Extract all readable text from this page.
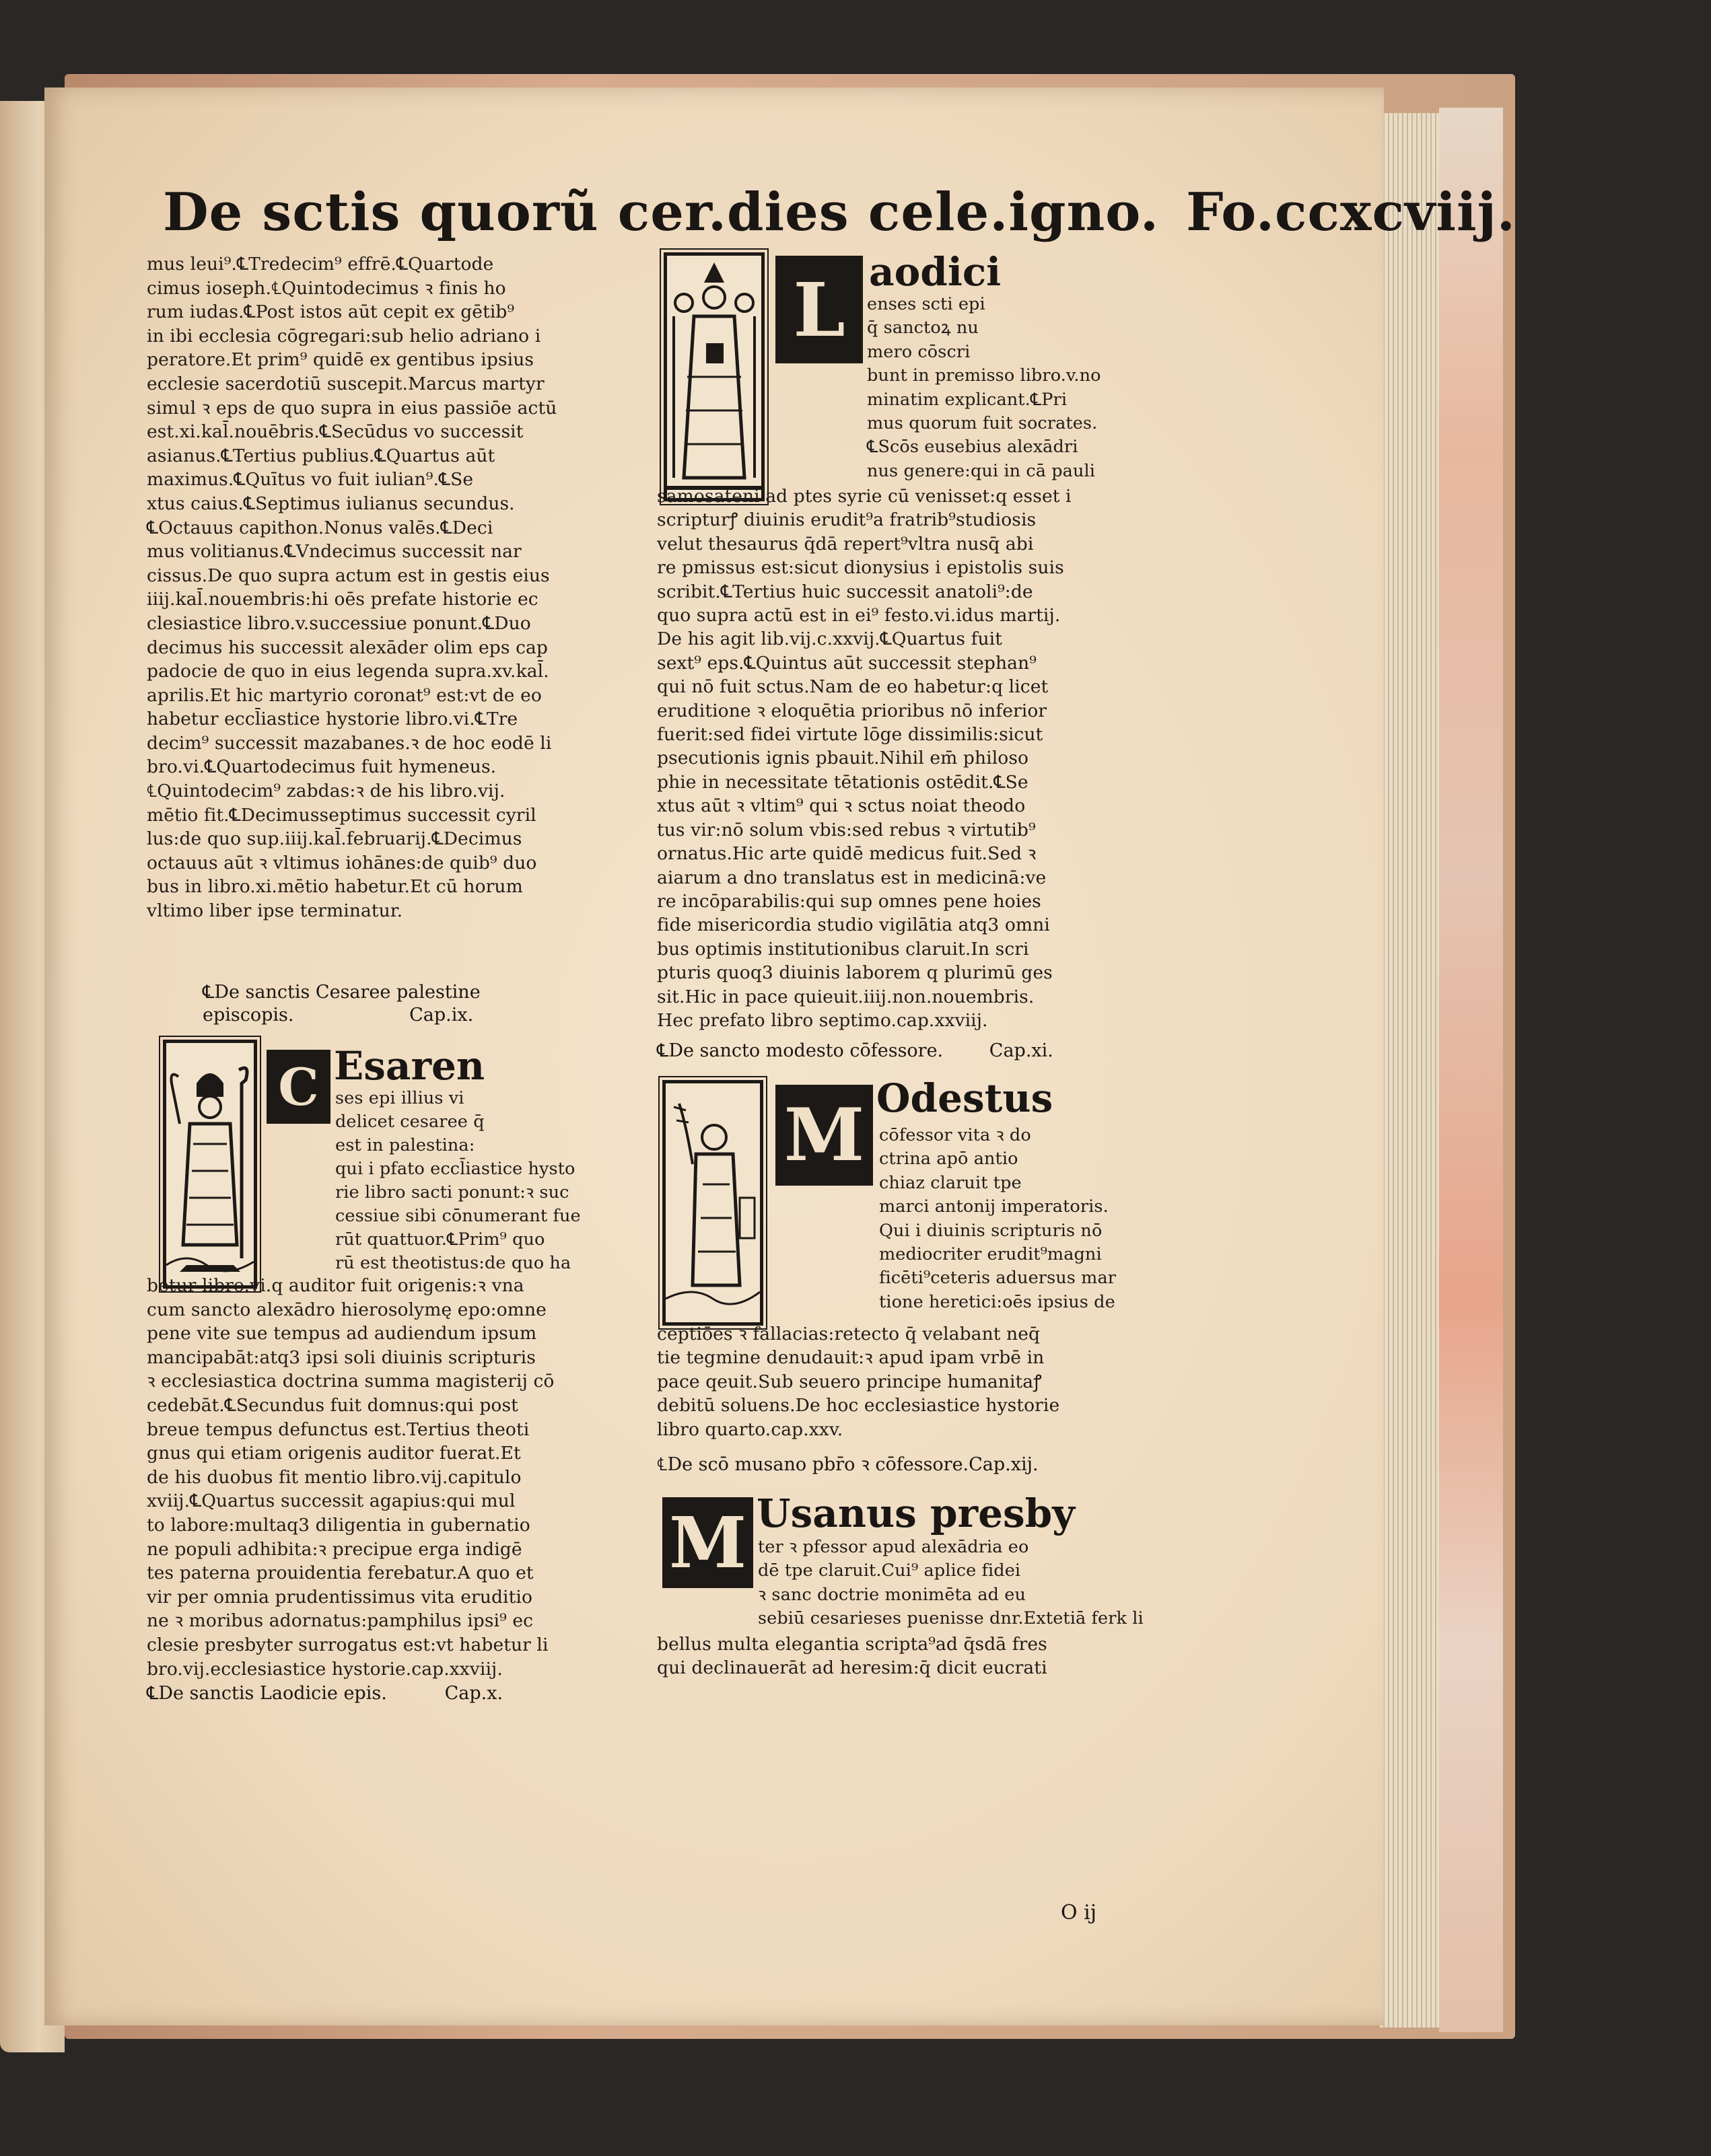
De sctis quorũ cer.dies cele.igno. Fo.ccxcviij.
mus leui⁹.℄Tredecim⁹ effrē.℄Quartode
cimus ioseph.℄Quintodecimus ꝛ finis ho
rum iudas.℄Post istos aūt cepit ex gētib⁹
in ibi ecclesia cōgregari:sub helio adriano i
peratore.Et prim⁹ quidē ex gentibus ipsius
ecclesie sacerdotiū suscepit.Marcus martyr
simul ꝛ eps de quo supra in eius passiōe actū
est.xi.kal̄.nouēbris.℄Secūdus vo successit
asianus.℄Tertius publius.℄Quartus aūt
maximus.℄Quītus vo fuit iulian⁹.℄Se
xtus caius.℄Septimus iulianus secundus.
℄Octauus capithon.Nonus valēs.℄Deci
mus volitianus.℄Vndecimus successit nar
cissus.De quo supra actum est in gestis eius
iiij.kal̄.nouembris:hi oēs prefate historie ec
clesiastice libro.v.successiue ponunt.℄Duo
decimus his successit alexāder olim eps cap
padocie de quo in eius legenda supra.xv.kal̄.
aprilis.Et hic martyrio coronat⁹ est:vt de eo
habetur eccl̄iastice hystorie libro.vi.℄Tre
decim⁹ successit mazabanes.ꝛ de hoc eodē li
bro.vi.℄Quartodecimus fuit hymeneus.
℄Quintodecim⁹ zabdas:ꝛ de his libro.vij.
mētio fit.℄Decimusseptimus successit cyril
lus:de quo sup.iiij.kal̄.februarij.℄Decimus
octauus aūt ꝛ vltimus iohānes:de quib⁹ duo
bus in libro.xi.mētio habetur.Et cū horum
vltimo liber ipse terminatur.
℄De sanctis Cesaree palestine
episcopis.                    Cap.ix.
C Esaren
ses epi illius vi
delicet cesaree q̄
est in palestina:
qui i pfato eccl̄iastice hysto
rie libro sacti ponunt:ꝛ suc
cessiue sibi cōnumerant fue
rūt quattuor.℄Prim⁹ quo
rū est theotistus:de quo ha
betur libro.vi.q auditor fuit origenis:ꝛ vna
cum sancto alexādro hierosolymę epo:omne
pene vite sue tempus ad audiendum ipsum
mancipabāt:atq3 ipsi soli diuinis scripturis
ꝛ ecclesiastica doctrina summa magisterij cō
cedebāt.℄Secundus fuit domnus:qui post
breue tempus defunctus est.Tertius theoti
gnus qui etiam origenis auditor fuerat.Et
de his duobus fit mentio libro.vij.capitulo
xviij.℄Quartus successit agapius:qui mul
to labore:multaq3 diligentia in gubernatio
ne populi adhibita:ꝛ precipue erga indigē
tes paterna prouidentia ferebatur.A quo et
vir per omnia prudentissimus vita eruditio
ne ꝛ moribus adornatus:pamphilus ipsi⁹ ec
clesie presbyter surrogatus est:vt habetur li
bro.vij.ecclesiastice hystorie.cap.xxviij.
℄De sanctis Laodicie epis.          Cap.x.
L aodici
enses scti epi
q̄ sanctoꝝ nu
mero cōscri
bunt in premisso libro.v.no
minatim explicant.℄Pri
mus quorum fuit socrates.
℄Scōs eusebius alexādri
nus genere:qui in cā pauli
samosateni ad ptes syrie cū venisset:q esset i
scripturꝭ diuinis erudit⁹a fratrib⁹studiosis
velut thesaurus q̄dā repert⁹vltra nusq̄ abi
re pmissus est:sicut dionysius i epistolis suis
scribit.℄Tertius huic successit anatoli⁹:de
quo supra actū est in ei⁹ festo.vi.idus martij.
De his agit lib.vij.c.xxvij.℄Quartus fuit
sext⁹ eps.℄Quintus aūt successit stephan⁹
qui nō fuit sctus.Nam de eo habetur:q licet
eruditione ꝛ eloquētia prioribus nō inferior
fuerit:sed fidei virtute lōge dissimilis:sicut
psecutionis ignis pbauit.Nihil em̄ philoso
phie in necessitate tētationis ostēdit.℄Se
xtus aūt ꝛ vltim⁹ qui ꝛ sctus noiat theodo
tus vir:nō solum vbis:sed rebus ꝛ virtutib⁹
ornatus.Hic arte quidē medicus fuit.Sed ꝛ
aiarum a dno translatus est in medicinā:ve
re incōparabilis:qui sup omnes pene hoies
fide misericordia studio vigilātia atq3 omni
bus optimis institutionibus claruit.In scri
pturis quoq3 diuinis laborem q plurimū ges
sit.Hic in pace quieuit.iiij.non.nouembris.
Hec prefato libro septimo.cap.xxviij.
℄De sancto modesto cōfessore.        Cap.xi.
M Odestus
cōfessor vita ꝛ do
ctrina apō antio
chiaz claruit tpe
marci antonij imperatoris.
Qui i diuinis scripturis nō
mediocriter erudit⁹magni
ficēti⁹ceteris aduersus mar
tione heretici:oēs ipsius de
ceptiōes ꝛ fallacias:retecto q̄ velabant neq̄
tie tegmine denudauit:ꝛ apud ipam vrbē in
pace qeuit.Sub seuero principe humanitaꝭ
debitū soluens.De hoc ecclesiastice hystorie
libro quarto.cap.xxv.
℄De scō musano pbr̄o ꝛ cōfessore.Cap.xij.
M Usanus presby
ter ꝛ pfessor apud alexādria eo
dē tpe claruit.Cui⁹ aplice fidei
ꝛ sanc doctrie monimēta ad eu
sebiū cesarieses puenisse dnr.Extetiā ferk li
bellus multa elegantia scripta⁹ad q̄sdā fres
qui declinauerāt ad heresim:q̄ dicit eucrati
O ij
